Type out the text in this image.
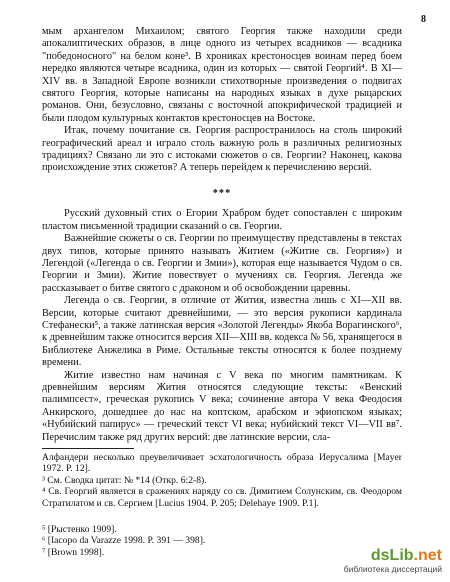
8

мым архангелом Михаилом; святого Георгия также находили среди апокалиптических образов, в лице одного из четырех всадников — всадника "победоносного" на белом коне³. В хрониках крестоносцев воинам перед боем нередко являются четыре всадника, один из которых — святой Георгий⁴. В XI—XIV вв. в Западной Европе возникли стихотворные произведения о подвигах святого Георгия, которые написаны на народных языках в духе рыцарских романов. Они, безусловно, связаны с восточной апокрифической традицией и были плодом культурных контактов крестоносцев на Востоке.

Итак, почему почитание св. Георгия распространилось на столь широкий географический ареал и играло столь важную роль в различных религиозных традициях? Связано ли это с истоками сюжетов о св. Георгии? Наконец, какова происхождение этих сюжетов? А теперь перейдем к перечислению версий.

***

Русский духовный стих о Егории Храбром будет сопоставлен с широким пластом письменной традиции сказаний о св. Георгии.

Важнейшие сюжеты о св. Георгии по преимуществу представлены в текстах двух типов, которые принято называть Житием («Житие св. Георгия») и Легендой («Легенда о св. Георгии и Змии»), которая еще называется Чудом о св. Георгии и Змии). Житие повествует о мучениях св. Георгия. Легенда же рассказывает о битве святого с драконом и об освобождении царевны.

Легенда о св. Георгии, в отличие от Жития, известна лишь с XI—XII вв. Версии, которые считают древнейшими, — это версия рукописи кардинала Стефанески⁵, а также латинская версия «Золотой Легенды» Якоба Ворагинского⁶, к древнейшим также относится версия XII—XIII вв. кодекса № 56, хранящегося в Библиотеке Анжелика в Риме. Остальные тексты относятся к более позднему времени.

Житие известно нам начиная с V века по многим памятникам. К древнейшим версиям Жития относятся следующие тексты: «Венский палимпсест», греческая рукопись V века; сочинение автора V века Феодосия Анкирского, дошедшее до нас на коптском, арабском и эфиопском языках; «Нубийский папирус» — греческий текст VI века; нубийский текст VI—VII вв⁷. Перечислим также ряд других версий: две латинские версии, сла-

Алфандери несколько преувеличивает эсхатологичность образа Иерусалима [Mayer 1972. P. 12].
³ См. Сводка цитат: № *14 (Откр. 6:2-8).
⁴ Св. Георгий является в сражениях наряду со св. Димитием Солунским, св. Феодором Стратилатом и св. Сергием [Lucius 1904. P. 205; Delehaye 1909. P.1].
⁵ [Рыстенко 1909].
⁶ [Iacopo da Varazze 1998. P. 391 — 398].
⁷ [Brown 1998].	dsLib.net
библиотека диссертаций
